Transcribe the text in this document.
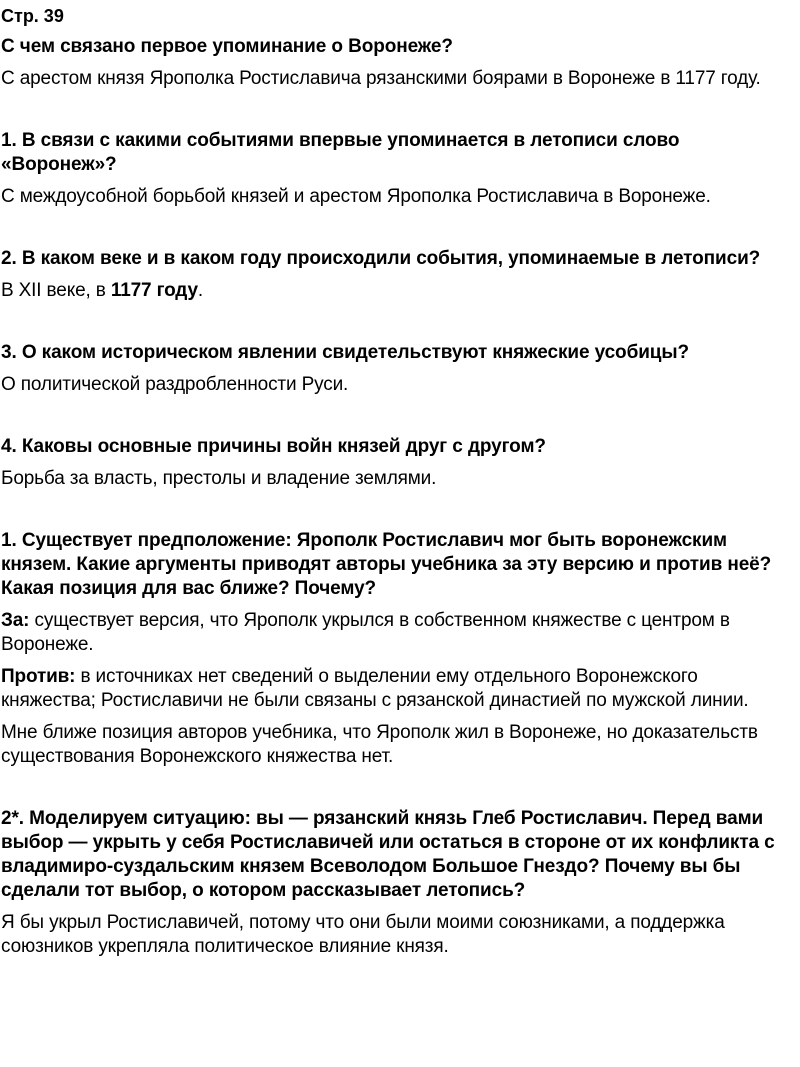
Стр. 39

С чем связано первое упоминание о Воронеже?

С арестом князя Ярополка Ростиславича рязанскими боярами в Воронеже в 1177 году.

1. В связи с какими событиями впервые упоминается в летописи слово «Воронеж»?

С междоусобной борьбой князей и арестом Ярополка Ростиславича в Воронеже.

2. В каком веке и в каком году происходили события, упоминаемые в летописи?

В XII веке, в 1177 году.

3. О каком историческом явлении свидетельствуют княжеские усобицы?

О политической раздробленности Руси.

4. Каковы основные причины войн князей друг с другом?

Борьба за власть, престолы и владение землями.

1. Существует предположение: Ярополк Ростиславич мог быть воронежским князем. Какие аргументы приводят авторы учебника за эту версию и против неё? Какая позиция для вас ближе? Почему?

За: существует версия, что Ярополк укрылся в собственном княжестве с центром в Воронеже.

Против: в источниках нет сведений о выделении ему отдельного Воронежского княжества; Ростиславичи не были связаны с рязанской династией по мужской линии.

Мне ближе позиция авторов учебника, что Ярополк жил в Воронеже, но доказательств существования Воронежского княжества нет.

2*. Моделируем ситуацию: вы — рязанский князь Глеб Ростиславич. Перед вами выбор — укрыть у себя Ростиславичей или остаться в стороне от их конфликта с владимиро-суздальским князем Всеволодом Большое Гнездо? Почему вы бы сделали тот выбор, о котором рассказывает летопись?

Я бы укрыл Ростиславичей, потому что они были моими союзниками, а поддержка союзников укрепляла политическое влияние князя.
